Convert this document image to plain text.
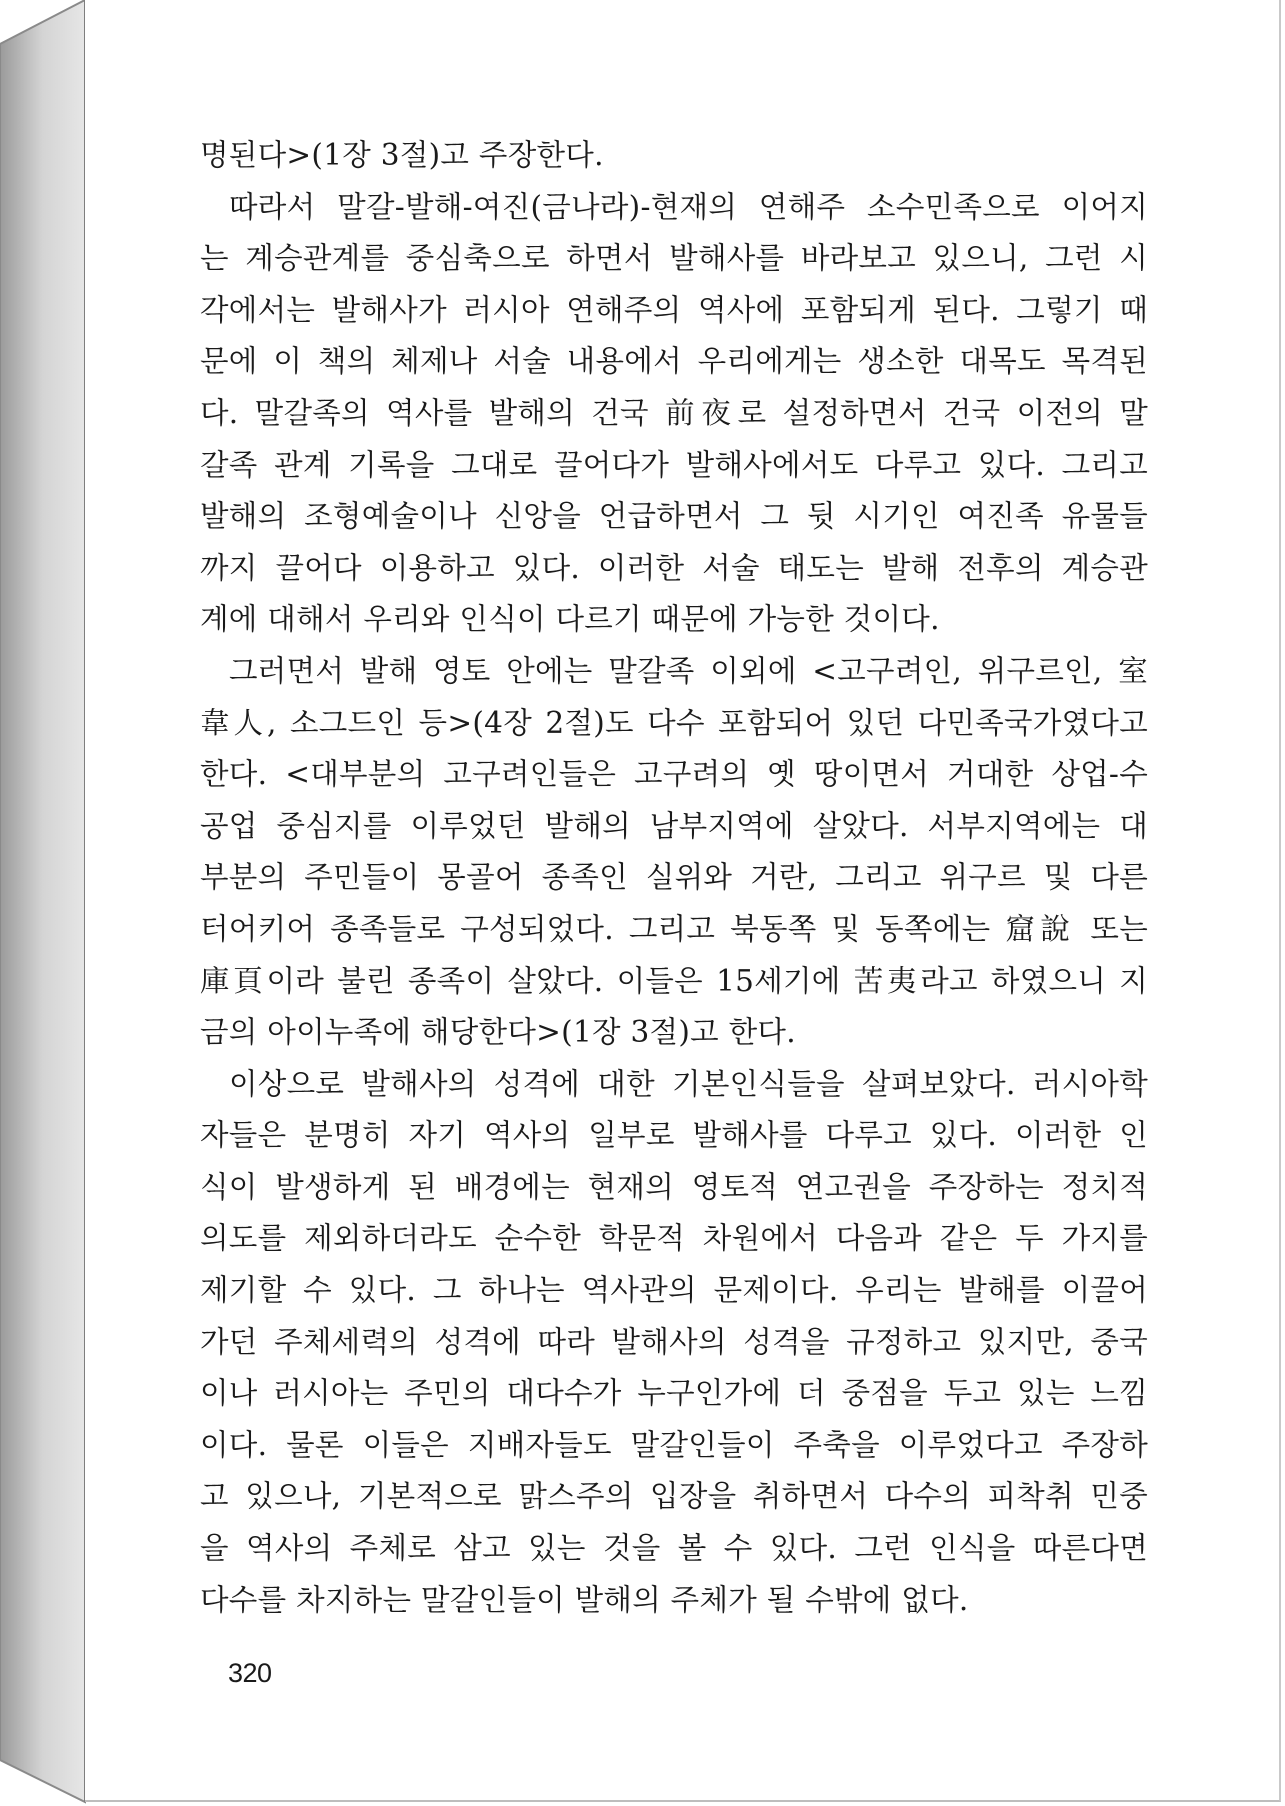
명된다>(1장 3절)고 주장한다.
따라서 말갈-발해-여진(금나라)-현재의 연해주 소수민족으로 이어지
는 계승관계를 중심축으로 하면서 발해사를 바라보고 있으니, 그런 시
각에서는 발해사가 러시아 연해주의 역사에 포함되게 된다. 그렇기 때
문에 이 책의 체제나 서술 내용에서 우리에게는 생소한 대목도 목격된
다. 말갈족의 역사를 발해의 건국 前夜로 설정하면서 건국 이전의 말
갈족 관계 기록을 그대로 끌어다가 발해사에서도 다루고 있다. 그리고
발해의 조형예술이나 신앙을 언급하면서 그 뒷 시기인 여진족 유물들
까지 끌어다 이용하고 있다. 이러한 서술 태도는 발해 전후의 계승관
계에 대해서 우리와 인식이 다르기 때문에 가능한 것이다.
그러면서 발해 영토 안에는 말갈족 이외에 <고구려인, 위구르인, 室
韋人, 소그드인 등>(4장 2절)도 다수 포함되어 있던 다민족국가였다고
한다. <대부분의 고구려인들은 고구려의 옛 땅이면서 거대한 상업-수
공업 중심지를 이루었던 발해의 남부지역에 살았다. 서부지역에는 대
부분의 주민들이 몽골어 종족인 실위와 거란, 그리고 위구르 및 다른
터어키어 종족들로 구성되었다. 그리고 북동쪽 및 동쪽에는 窟說 또는
庫頁이라 불린 종족이 살았다. 이들은 15세기에 苦夷라고 하였으니 지
금의 아이누족에 해당한다>(1장 3절)고 한다.
이상으로 발해사의 성격에 대한 기본인식들을 살펴보았다. 러시아학
자들은 분명히 자기 역사의 일부로 발해사를 다루고 있다. 이러한 인
식이 발생하게 된 배경에는 현재의 영토적 연고권을 주장하는 정치적
의도를 제외하더라도 순수한 학문적 차원에서 다음과 같은 두 가지를
제기할 수 있다. 그 하나는 역사관의 문제이다. 우리는 발해를 이끌어
가던 주체세력의 성격에 따라 발해사의 성격을 규정하고 있지만, 중국
이나 러시아는 주민의 대다수가 누구인가에 더 중점을 두고 있는 느낌
이다. 물론 이들은 지배자들도 말갈인들이 주축을 이루었다고 주장하
고 있으나, 기본적으로 맑스주의 입장을 취하면서 다수의 피착취 민중
을 역사의 주체로 삼고 있는 것을 볼 수 있다. 그런 인식을 따른다면
다수를 차지하는 말갈인들이 발해의 주체가 될 수밖에 없다.
320
